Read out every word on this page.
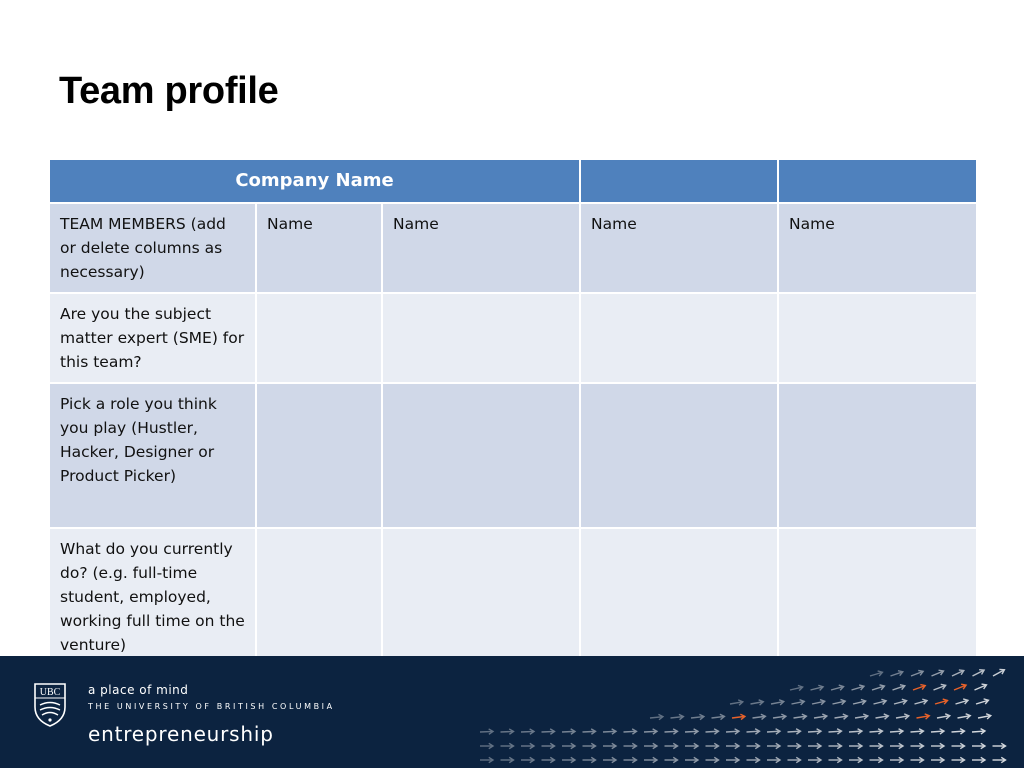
Team profile
Company Name				
TEAM MEMBERS (add or delete columns as necessary)	Name	Name	Name	Name
Are you the subject matter expert (SME) for this team?				
Pick a role you think you play (Hustler, Hacker, Designer or Product Picker)				
What do you currently do? (e.g. full-time student, employed, working full time on the venture)				
UBC a place of mind
THE UNIVERSITY OF BRITISH COLUMBIA
entrepreneurship
